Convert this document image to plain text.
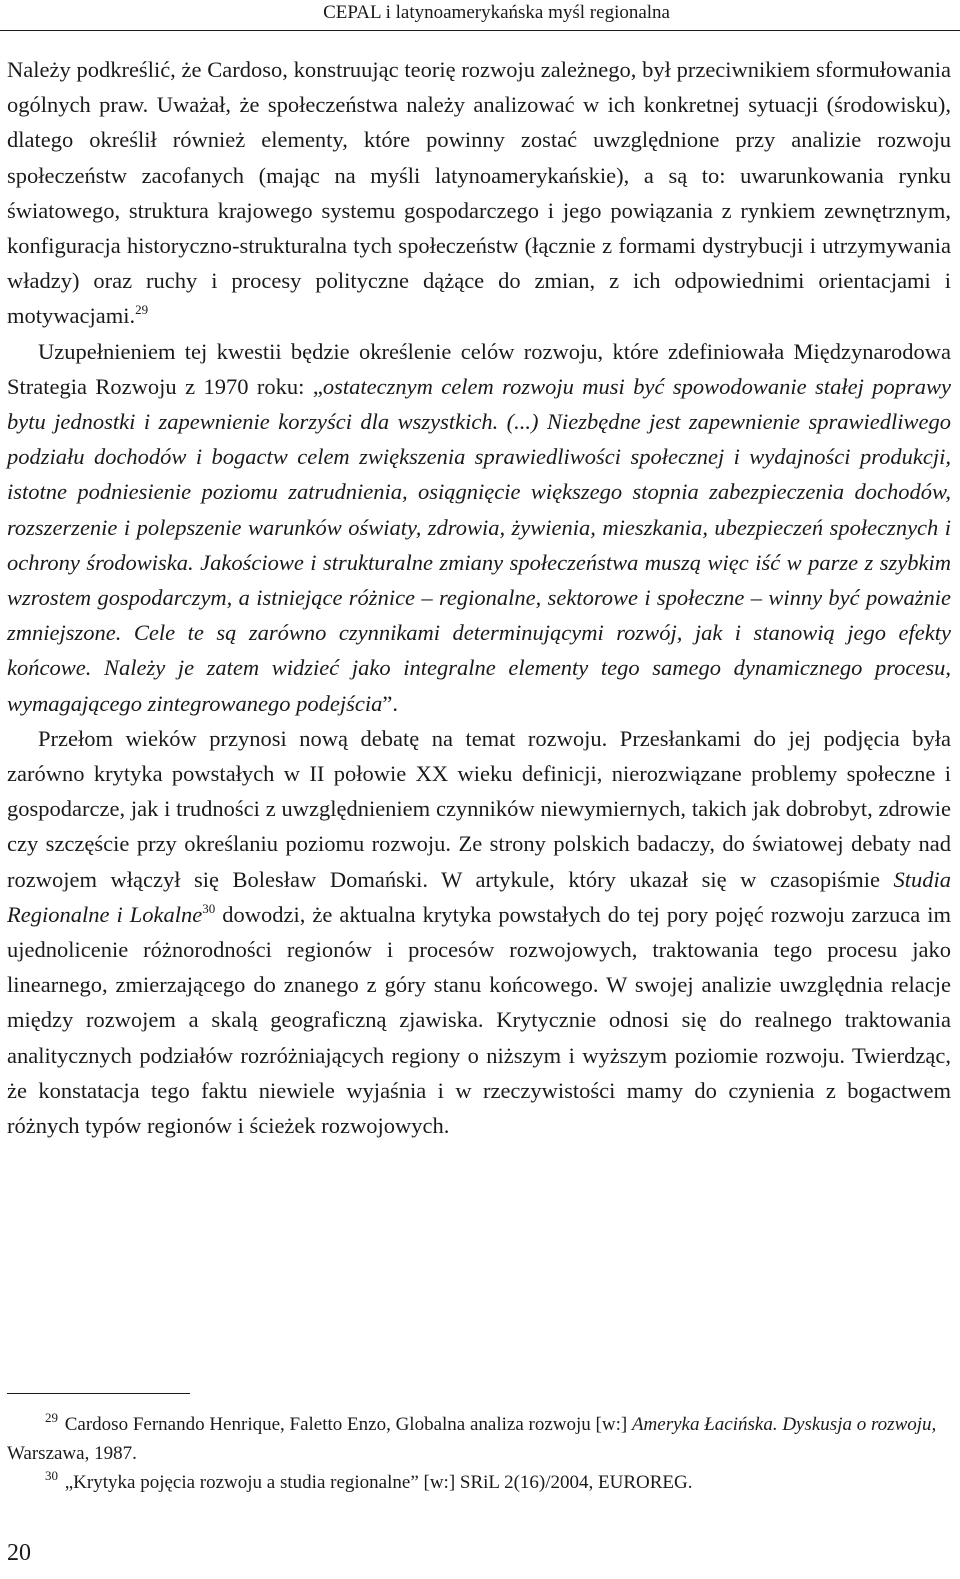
CEPAL i latynoamerykańska myśl regionalna

Należy podkreślić, że Cardoso, konstruując teorię rozwoju zależnego, był przeciwnikiem sformułowania ogólnych praw. Uważał, że społeczeństwa należy analizować w ich konkretnej sytuacji (środowisku), dlatego określił również elementy, które powinny zostać uwzględnione przy analizie rozwoju społeczeństw zacofanych (mając na myśli latynoamerykańskie), a są to: uwarunkowania rynku światowego, struktura krajowego systemu gospodarczego i jego powiązania z rynkiem zewnętrznym, konfiguracja historyczno-strukturalna tych społeczeństw (łącznie z formami dystrybucji i utrzymywania władzy) oraz ruchy i procesy polityczne dążące do zmian, z ich odpowiednimi orientacjami i motywacjami.$^{29}$

Uzupełnieniem tej kwestii będzie określenie celów rozwoju, które zdefiniowała Międzynarodowa Strategia Rozwoju z 1970 roku: „ostatecznym celem rozwoju musi być spowodowanie stałej poprawy bytu jednostki i zapewnienie korzyści dla wszystkich. (...) Niezbędne jest zapewnienie sprawiedliwego podziału dochodów i bogactw celem zwiększenia sprawiedliwości społecznej i wydajności produkcji, istotne podniesienie poziomu zatrudnienia, osiągnięcie większego stopnia zabezpieczenia dochodów, rozszerzenie i polepszenie warunków oświaty, zdrowia, żywienia, mieszkania, ubezpieczeń społecznych i ochrony środowiska. Jakościowe i strukturalne zmiany społeczeństwa muszą więc iść w parze z szybkim wzrostem gospodarczym, a istniejące różnice – regionalne, sektorowe i społeczne – winny być poważnie zmniejszone. Cele te są zarówno czynnikami determinującymi rozwój, jak i stanowią jego efekty końcowe. Należy je zatem widzieć jako integralne elementy tego samego dynamicznego procesu, wymagającego zintegrowanego podejścia”.

Przełom wieków przynosi nową debatę na temat rozwoju. Przesłankami do jej podjęcia była zarówno krytyka powstałych w II połowie XX wieku definicji, nierozwiązane problemy społeczne i gospodarcze, jak i trudności z uwzględnieniem czynników niewymiernych, takich jak dobrobyt, zdrowie czy szczęście przy określaniu poziomu rozwoju. Ze strony polskich badaczy, do światowej debaty nad rozwojem włączył się Bolesław Domański. W artykule, który ukazał się w czasopiśmie Studia Regionalne i Lokalne$^{30}$ dowodzi, że aktualna krytyka powstałych do tej pory pojęć rozwoju zarzuca im ujednolicenie różnorodności regionów i procesów rozwojowych, traktowania tego procesu jako linearnego, zmierzającego do znanego z góry stanu końcowego. W swojej analizie uwzględnia relacje między rozwojem a skalą geograficzną zjawiska. Krytycznie odnosi się do realnego traktowania analitycznych podziałów rozróżniających regiony o niższym i wyższym poziomie rozwoju. Twierdząc, że konstatacja tego faktu niewiele wyjaśnia i w rzeczywistości mamy do czynienia z bogactwem różnych typów regionów i ścieżek rozwojowych.

$^{29}$ Cardoso Fernando Henrique, Faletto Enzo, Globalna analiza rozwoju [w:] Ameryka Łacińska. Dyskusja o rozwoju, Warszawa, 1987.

$^{30}$ „Krytyka pojęcia rozwoju a studia regionalne” [w:] SRiL 2(16)/2004, EUROREG.

20
